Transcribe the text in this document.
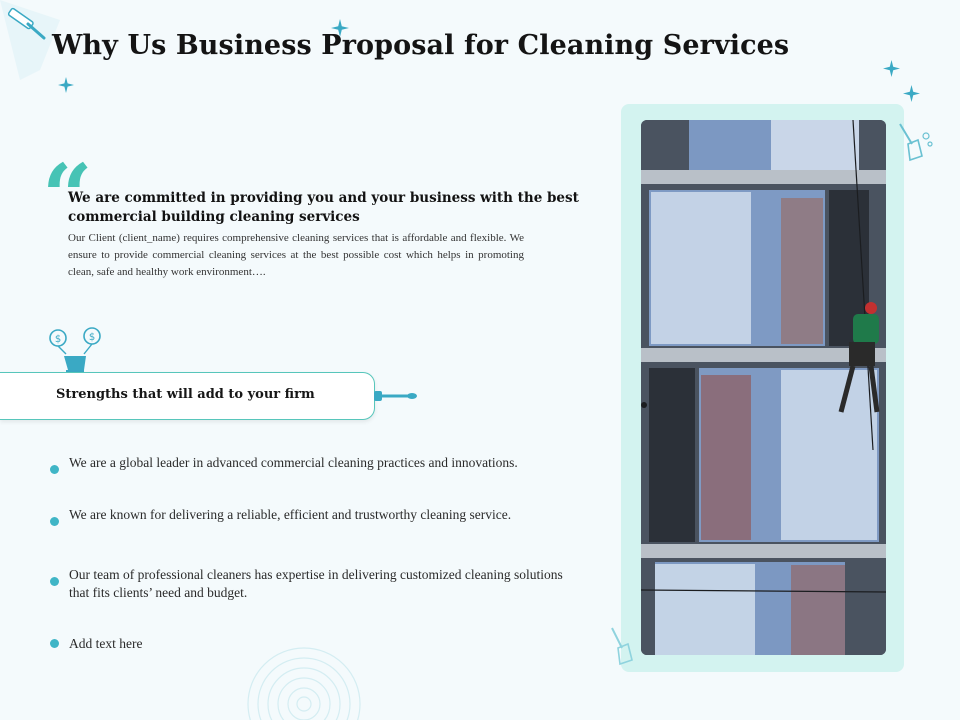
Why Us Business Proposal for Cleaning Services
“
We are committed in providing you and your business with the best commercial building cleaning services
Our Client (client_name) requires comprehensive cleaning services that is affordable and flexible. We ensure to provide commercial cleaning services at the best possible cost which helps in promoting clean, safe and healthy work environment….
$	$
Strengths that will add to your firm
We are a global leader in advanced commercial cleaning practices and innovations.
We are known for delivering a reliable, efficient and trustworthy cleaning service.
Our team of professional cleaners has expertise in delivering customized cleaning solutions that fits clients’ need and budget.
Add text here
